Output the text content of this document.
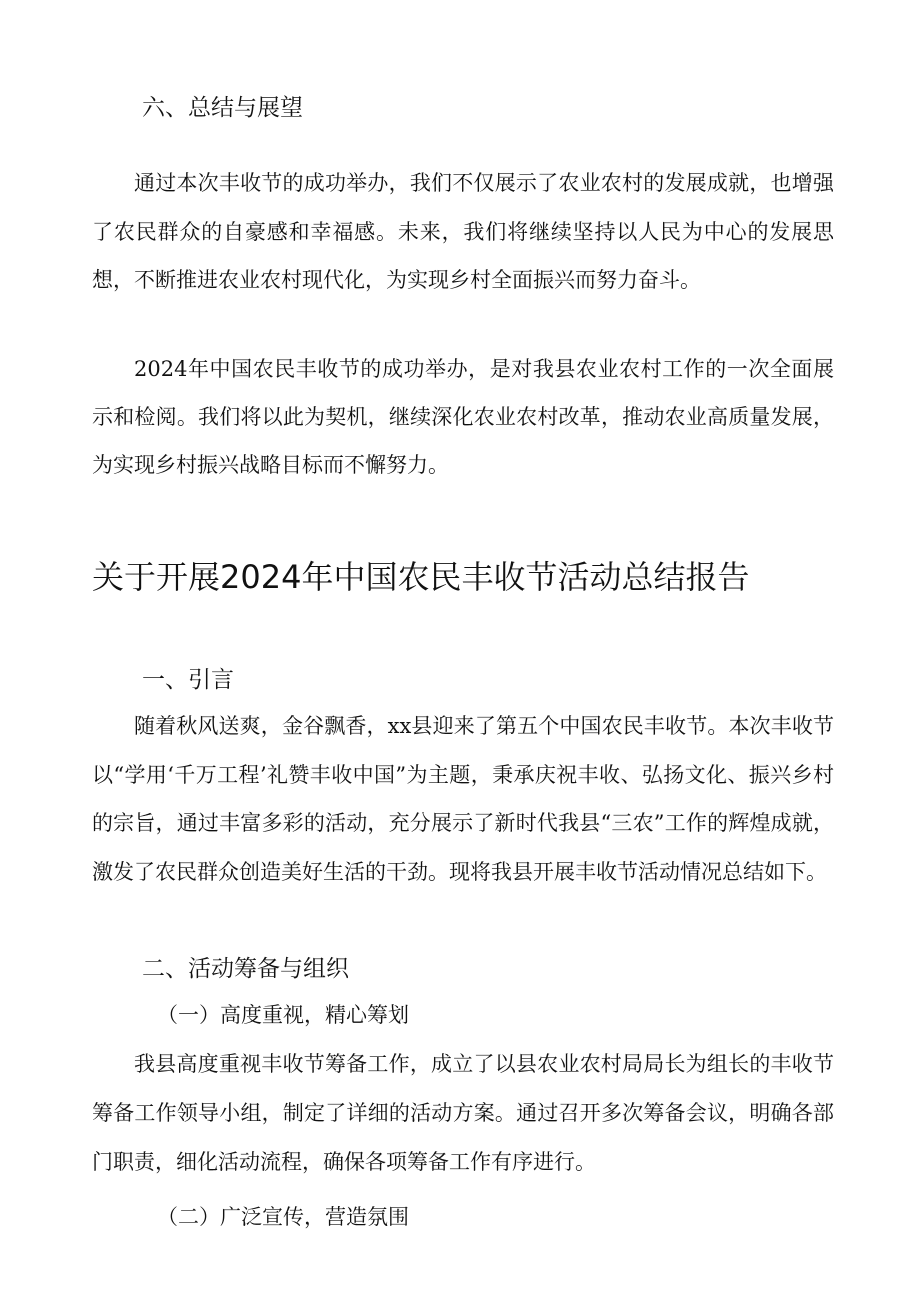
六、总结与展望

通过本次丰收节的成功举办，我们不仅展示了农业农村的发展成就，也增强了农民群众的自豪感和幸福感。未来，我们将继续坚持以人民为中心的发展思想，不断推进农业农村现代化，为实现乡村全面振兴而努力奋斗。

2024年中国农民丰收节的成功举办，是对我县农业农村工作的一次全面展示和检阅。我们将以此为契机，继续深化农业农村改革，推动农业高质量发展，为实现乡村振兴战略目标而不懈努力。

关于开展2024年中国农民丰收节活动总结报告
一、引言

随着秋风送爽，金谷飘香，xx县迎来了第五个中国农民丰收节。本次丰收节以“学用‘千万工程’礼赞丰收中国”为主题，秉承庆祝丰收、弘扬文化、振兴乡村的宗旨，通过丰富多彩的活动，充分展示了新时代我县“三农”工作的辉煌成就，激发了农民群众创造美好生活的干劲。现将我县开展丰收节活动情况总结如下。

二、活动筹备与组织
（一）高度重视，精心筹划

我县高度重视丰收节筹备工作，成立了以县农业农村局局长为组长的丰收节筹备工作领导小组，制定了详细的活动方案。通过召开多次筹备会议，明确各部门职责，细化活动流程，确保各项筹备工作有序进行。

（二）广泛宣传，营造氛围
